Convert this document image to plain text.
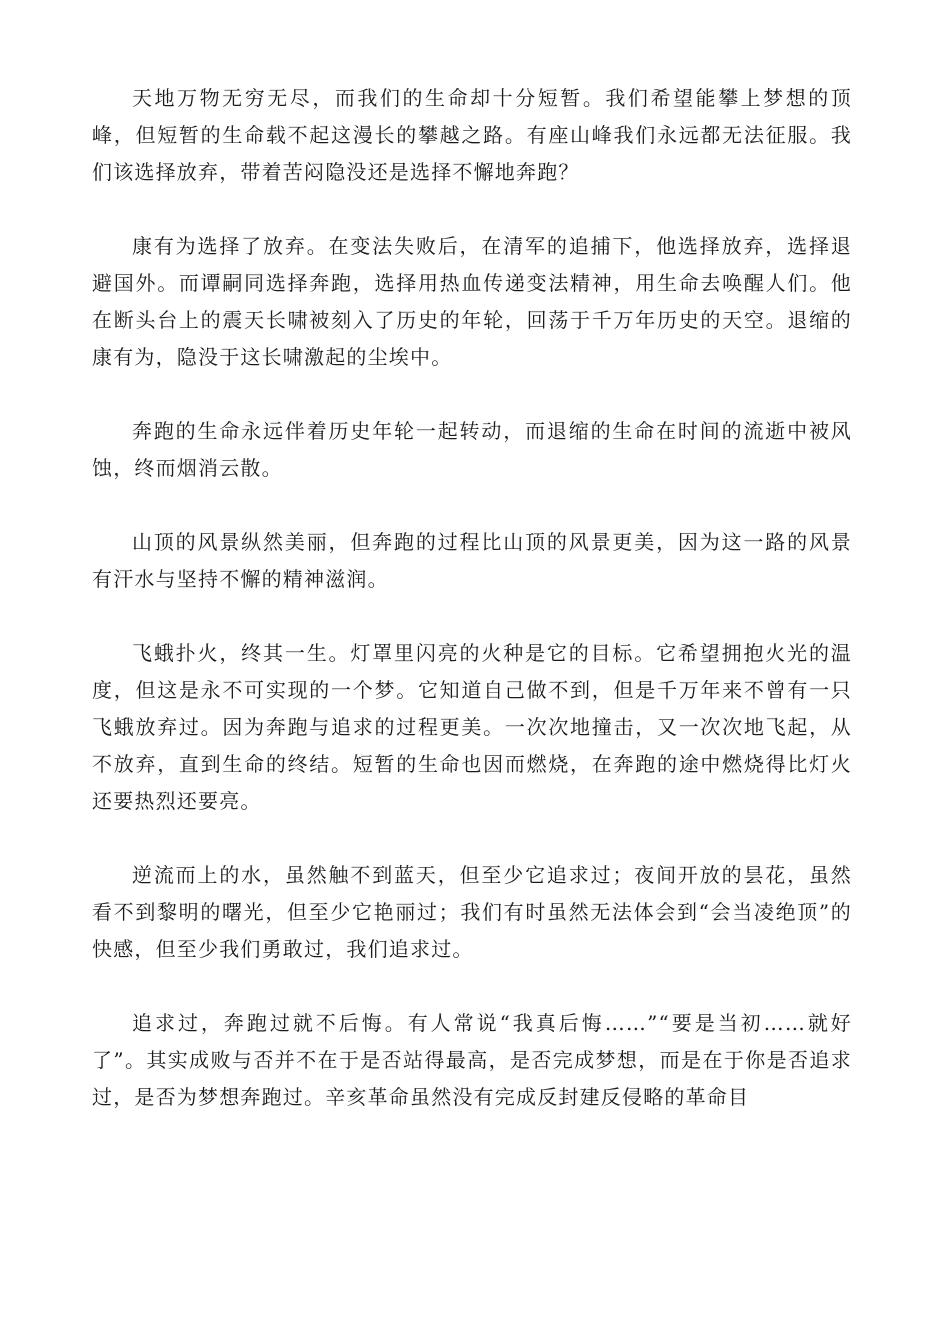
天地万物无穷无尽，而我们的生命却十分短暂。我们希望能攀上梦想的顶峰，但短暂的生命载不起这漫长的攀越之路。有座山峰我们永远都无法征服。我们该选择放弃，带着苦闷隐没还是选择不懈地奔跑？

康有为选择了放弃。在变法失败后，在清军的追捕下，他选择放弃，选择退避国外。而谭嗣同选择奔跑，选择用热血传递变法精神，用生命去唤醒人们。他在断头台上的震天长啸被刻入了历史的年轮，回荡于千万年历史的天空。退缩的康有为，隐没于这长啸激起的尘埃中。

奔跑的生命永远伴着历史年轮一起转动，而退缩的生命在时间的流逝中被风蚀，终而烟消云散。

山顶的风景纵然美丽，但奔跑的过程比山顶的风景更美，因为这一路的风景有汗水与坚持不懈的精神滋润。

飞蛾扑火，终其一生。灯罩里闪亮的火种是它的目标。它希望拥抱火光的温度，但这是永不可实现的一个梦。它知道自己做不到，但是千万年来不曾有一只飞蛾放弃过。因为奔跑与追求的过程更美。一次次地撞击，又一次次地飞起，从不放弃，直到生命的终结。短暂的生命也因而燃烧，在奔跑的途中燃烧得比灯火还要热烈还要亮。

逆流而上的水，虽然触不到蓝天，但至少它追求过；夜间开放的昙花，虽然看不到黎明的曙光，但至少它艳丽过；我们有时虽然无法体会到“会当凌绝顶”的快感，但至少我们勇敢过，我们追求过。

追求过，奔跑过就不后悔。有人常说“我真后悔……”“要是当初……就好了”。其实成败与否并不在于是否站得最高，是否完成梦想，而是在于你是否追求过，是否为梦想奔跑过。辛亥革命虽然没有完成反封建反侵略的革命目
